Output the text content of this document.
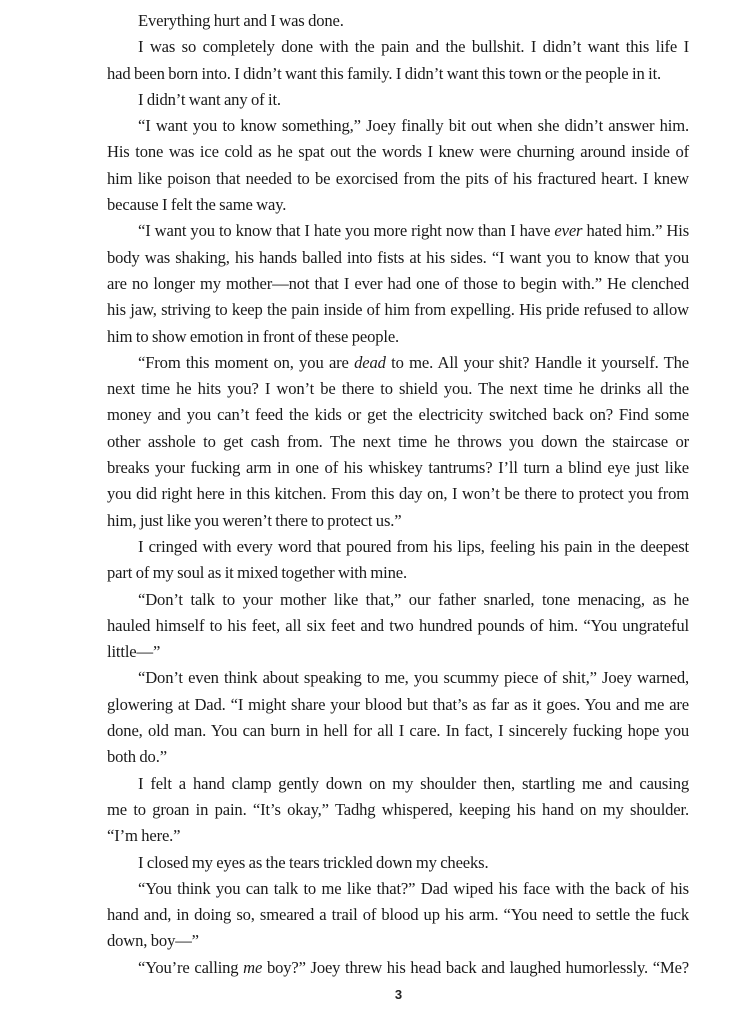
Everything hurt and I was done.
I was so completely done with the pain and the bullshit. I didn’t want this life I
had been born into. I didn’t want this family. I didn’t want this town or the people in it.
I didn’t want any of it.
“I want you to know something,” Joey finally bit out when she didn’t answer him.
His tone was ice cold as he spat out the words I knew were churning around inside of
him like poison that needed to be exorcised from the pits of his fractured heart. I knew
because I felt the same way.
“I want you to know that I hate you more right now than I have ever hated him.” His
body was shaking, his hands balled into fists at his sides. “I want you to know that you
are no longer my mother—not that I ever had one of those to begin with.” He clenched
his jaw, striving to keep the pain inside of him from expelling. His pride refused to allow
him to show emotion in front of these people.
“From this moment on, you are dead to me. All your shit? Handle it yourself. The
next time he hits you? I won’t be there to shield you. The next time he drinks all the
money and you can’t feed the kids or get the electricity switched back on? Find some
other asshole to get cash from. The next time he throws you down the staircase or
breaks your fucking arm in one of his whiskey tantrums? I’ll turn a blind eye just like
you did right here in this kitchen. From this day on, I won’t be there to protect you from
him, just like you weren’t there to protect us.”
I cringed with every word that poured from his lips, feeling his pain in the deepest
part of my soul as it mixed together with mine.
“Don’t talk to your mother like that,” our father snarled, tone menacing, as he
hauled himself to his feet, all six feet and two hundred pounds of him. “You ungrateful
little—”
“Don’t even think about speaking to me, you scummy piece of shit,” Joey warned,
glowering at Dad. “I might share your blood but that’s as far as it goes. You and me are
done, old man. You can burn in hell for all I care. In fact, I sincerely fucking hope you
both do.”
I felt a hand clamp gently down on my shoulder then, startling me and causing
me to groan in pain. “It’s okay,” Tadhg whispered, keeping his hand on my shoulder.
“I’m here.”
I closed my eyes as the tears trickled down my cheeks.
“You think you can talk to me like that?” Dad wiped his face with the back of his
hand and, in doing so, smeared a trail of blood up his arm. “You need to settle the fuck
down, boy—”
“You’re calling me boy?” Joey threw his head back and laughed humorlessly. “Me?
3
